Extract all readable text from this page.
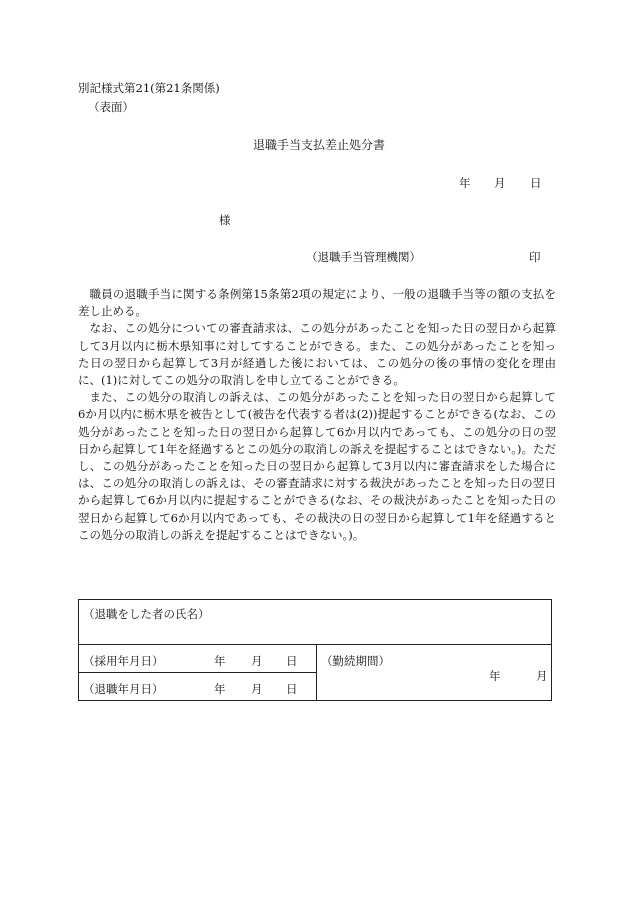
別記様式第21(第21条関係)
（表面）
退職手当支払差止処分書
年 月 日
様
（退職手当管理機関）	印

職員の退職手当に関する条例第15条第2項の規定により、一般の退職手当等の額の支払を差し止める。

なお、この処分についての審査請求は、この処分があったことを知った日の翌日から起算して3月以内に栃木県知事に対してすることができる。また、この処分があったことを知った日の翌日から起算して3月が経過した後においては、この処分の後の事情の変化を理由に、(1)に対してこの処分の取消しを申し立てることができる。

また、この処分の取消しの訴えは、この処分があったことを知った日の翌日から起算して6か月以内に栃木県を被告として(被告を代表する者は(2))提起することができる(なお、この処分があったことを知った日の翌日から起算して6か月以内であっても、この処分の日の翌日から起算して1年を経過するとこの処分の取消しの訴えを提起することはできない。)。ただし、この処分があったことを知った日の翌日から起算して3月以内に審査請求をした場合には、この処分の取消しの訴えは、その審査請求に対する裁決があったことを知った日の翌日から起算して6か月以内に提起することができる(なお、その裁決があったことを知った日の翌日から起算して6か月以内であっても、その裁決の日の翌日から起算して1年を経過するとこの処分の取消しの訴えを提起することはできない。)。

（退職をした者の氏名）
（採用年月日）	年 月 日
（退職年月日）	年 月 日
（勤続期間）
年	月
